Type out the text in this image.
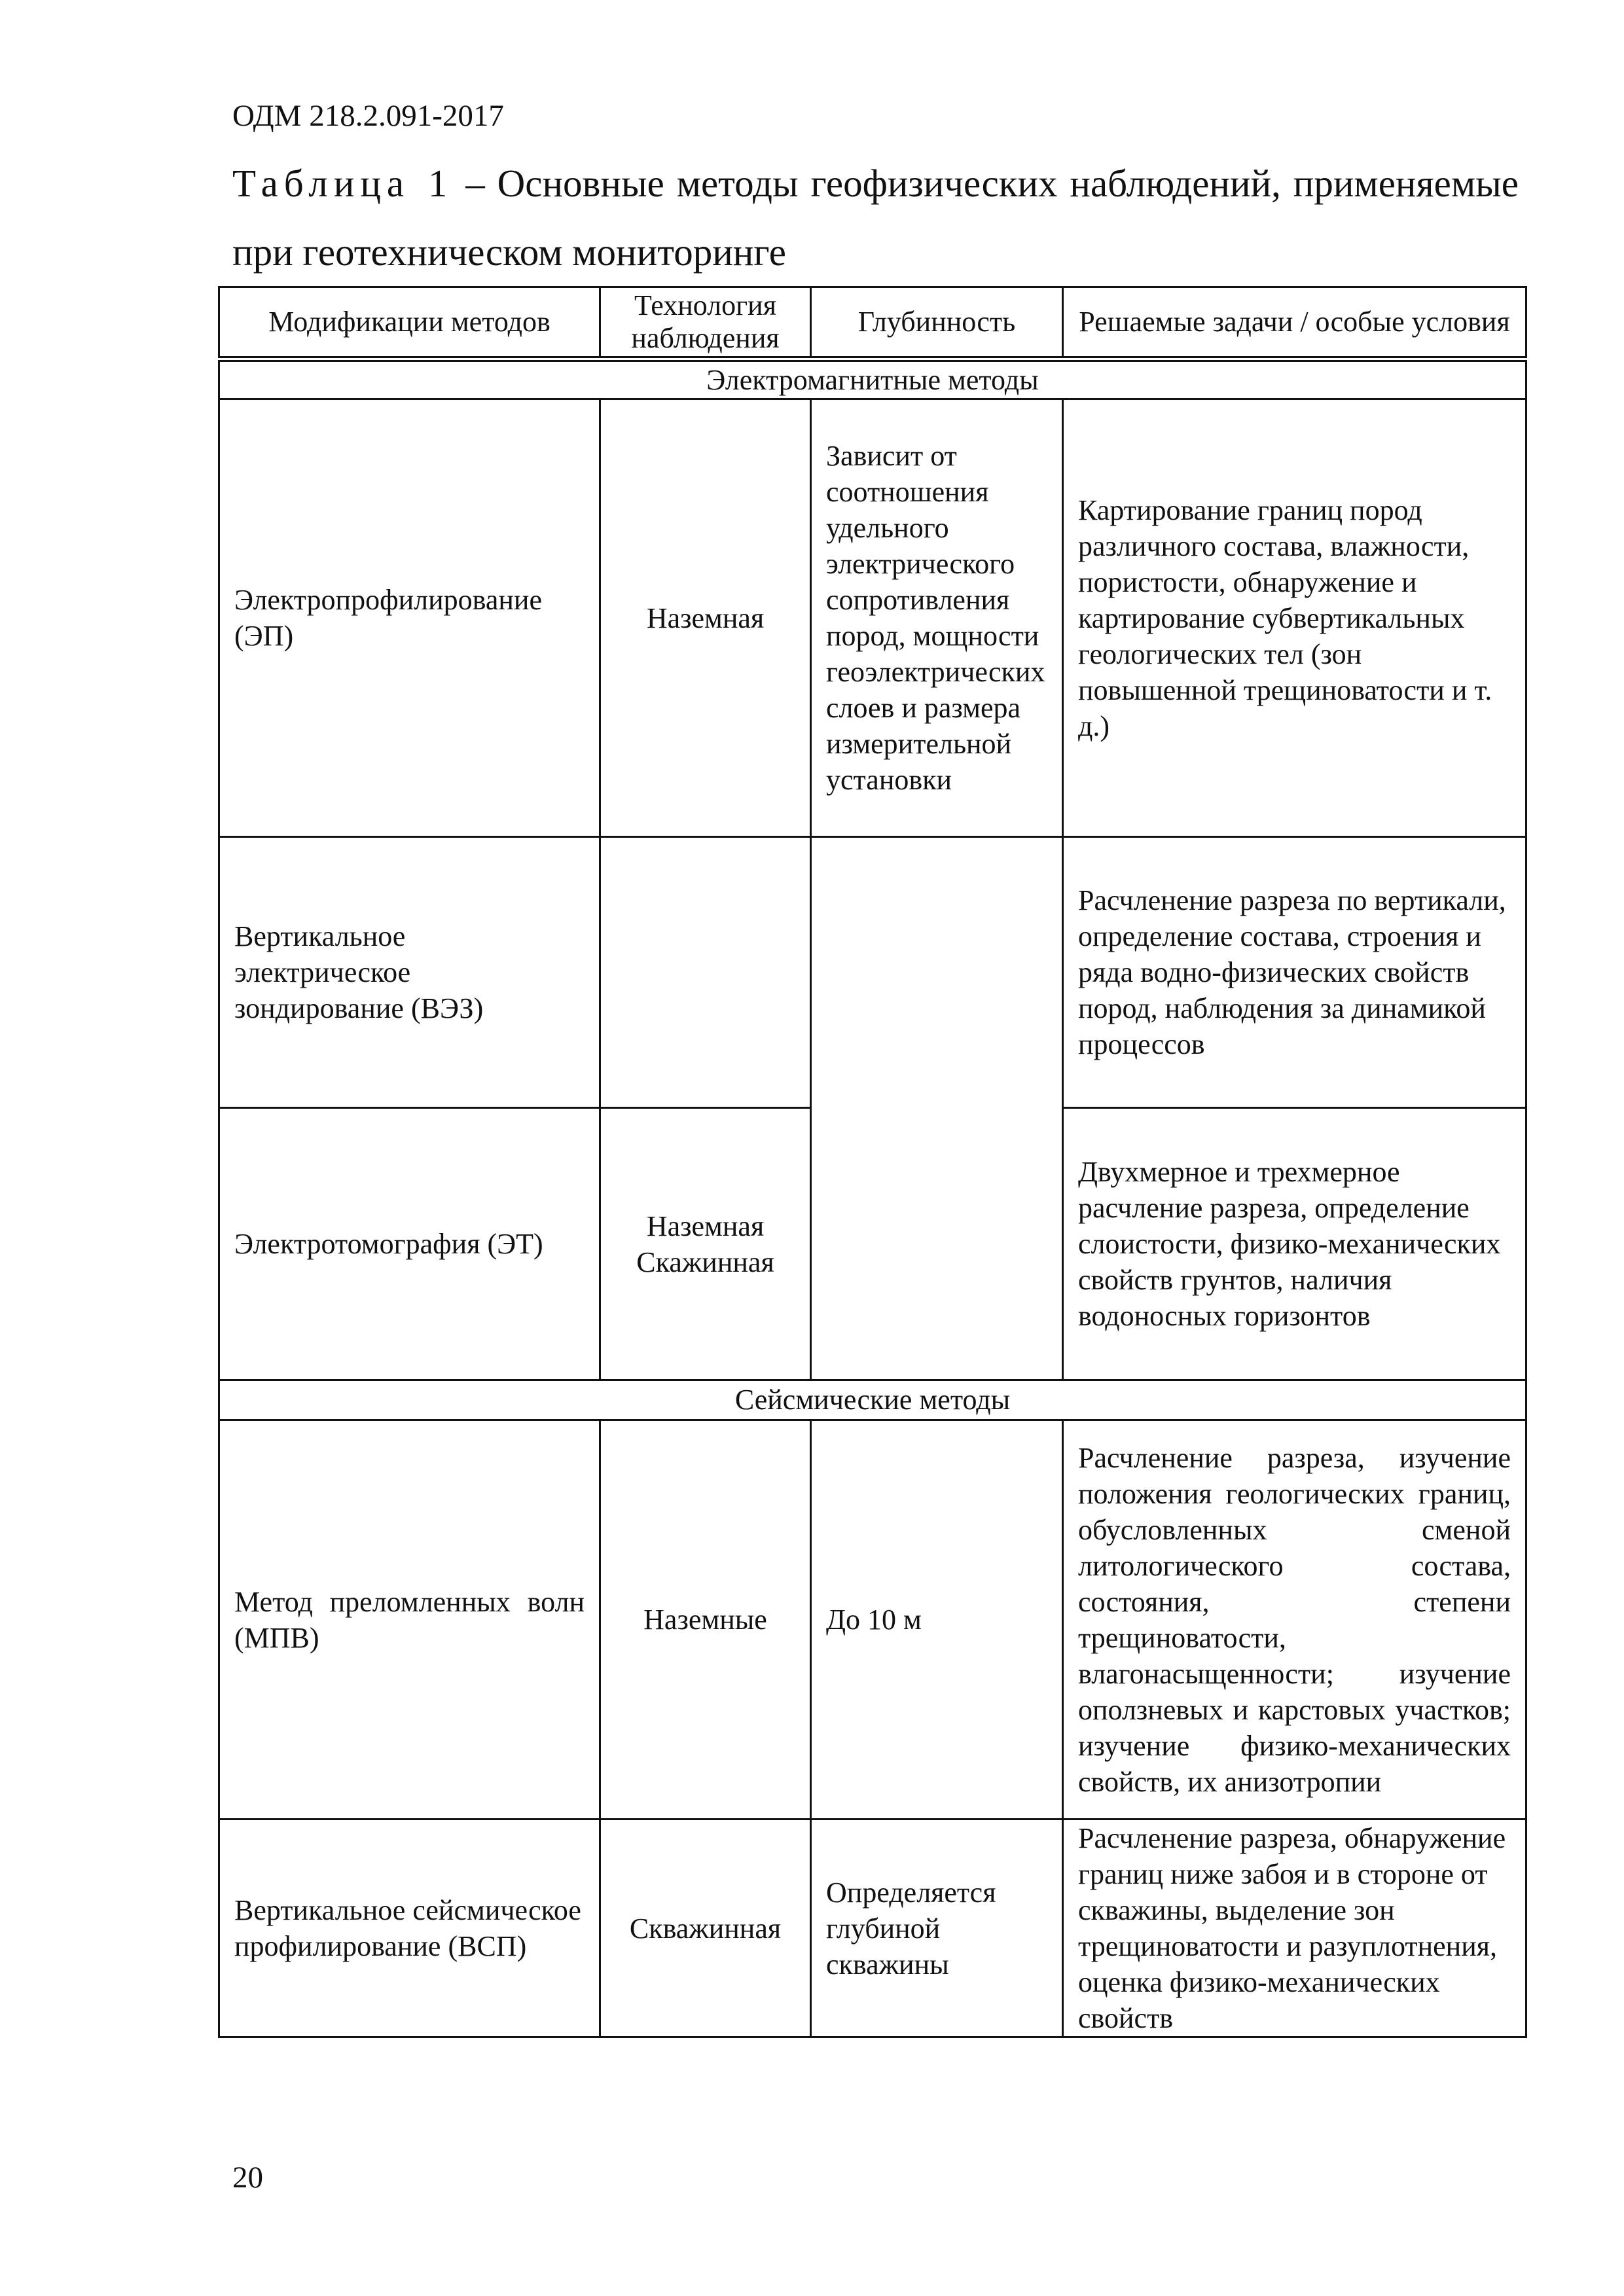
ОДМ 218.2.091-2017
Таблица 1 – Основные методы геофизических наблюдений, применяемые при геотехническом мониторинге
Модификации методов	Технология наблюдения	Глубинность	Решаемые задачи / особые условия
Электромагнитные методы			
Электропрофилирование (ЭП)	Наземная	Зависит от соотношения удельного электрического сопротивления пород, мощности геоэлектрических слоев и размера измерительной установки	Картирование границ пород различного состава, влажности, пористости, обнаружение и картирование субвертикальных геологических тел (зон повышенной трещиноватости и т. д.)
Вертикальное электрическое зондирование (ВЭЗ)			Расчленение разреза по вертикали, определение состава, строения и ряда водно-физических свойств пород, наблюдения за динамикой процессов
Электротомография (ЭТ)	Наземная Скажинная		Двухмерное и трехмерное расчление разреза, определение слоистости, физико-механических свойств грунтов, наличия водоносных горизонтов
Сейсмические методы			
Метод преломленных волн (МПВ)	Наземные	До 10 м	Расчленение разреза, изучение положения геологических границ, обусловленных сменой литологического состава, состояния, степени трещиноватости, влагонасыщенности; изучение оползневых и карстовых участков; изучение физико-механических свойств, их анизотропии
Вертикальное сейсмическое профилирование (ВСП)	Скважинная	Определяется глубиной скважины	Расчленение разреза, обнаружение границ ниже забоя и в стороне от скважины, выделение зон трещиноватости и разуплотнения, оценка физико-механических свойств
20
